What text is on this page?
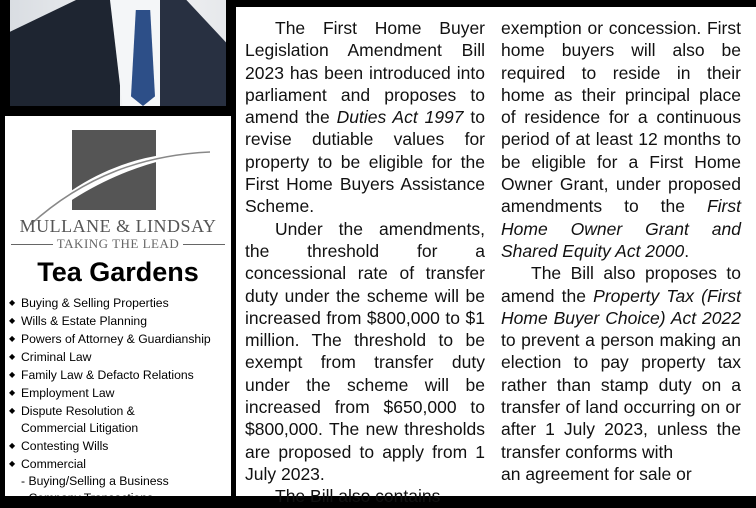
MULLANE & LINDSAY
TAKING THE LEAD
Tea Gardens
◆ Buying & Selling Properties
◆ Wills & Estate Planning
◆ Powers of Attorney & Guardianship
◆ Criminal Law
◆ Family Law & Defacto Relations
◆ Employment Law
◆ Dispute Resolution &
Commercial Litigation
◆ Contesting Wills
◆ Commercial
- Buying/Selling a Business
- Company Transactions

The First Home Buyer Legislation Amendment Bill 2023 has been introduced into parliament and proposes to amend the Duties Act 1997 to revise dutiable values for property to be eligible for the First Home Buyers Assistance Scheme.

Under the amendments, the threshold for a concessional rate of transfer duty under the scheme will be increased from $800,000 to $1 million. The threshold to be exempt from transfer duty under the scheme will be increased from $650,000 to $800,000. The new thresholds are proposed to apply from 1 July 2023.

The Bill also contains

exemption or concession. First home buyers will also be required to reside in their home as their principal place of residence for a continuous period of at least 12 months to be eligible for a First Home Owner Grant, under proposed amendments to the First Home Owner Grant and Shared Equity Act 2000.

The Bill also proposes to amend the Property Tax (First Home Buyer Choice) Act 2022 to prevent a person making an election to pay property tax rather than stamp duty on a transfer of land occurring on or after 1 July 2023, unless the transfer conforms with

an agreement for sale or
